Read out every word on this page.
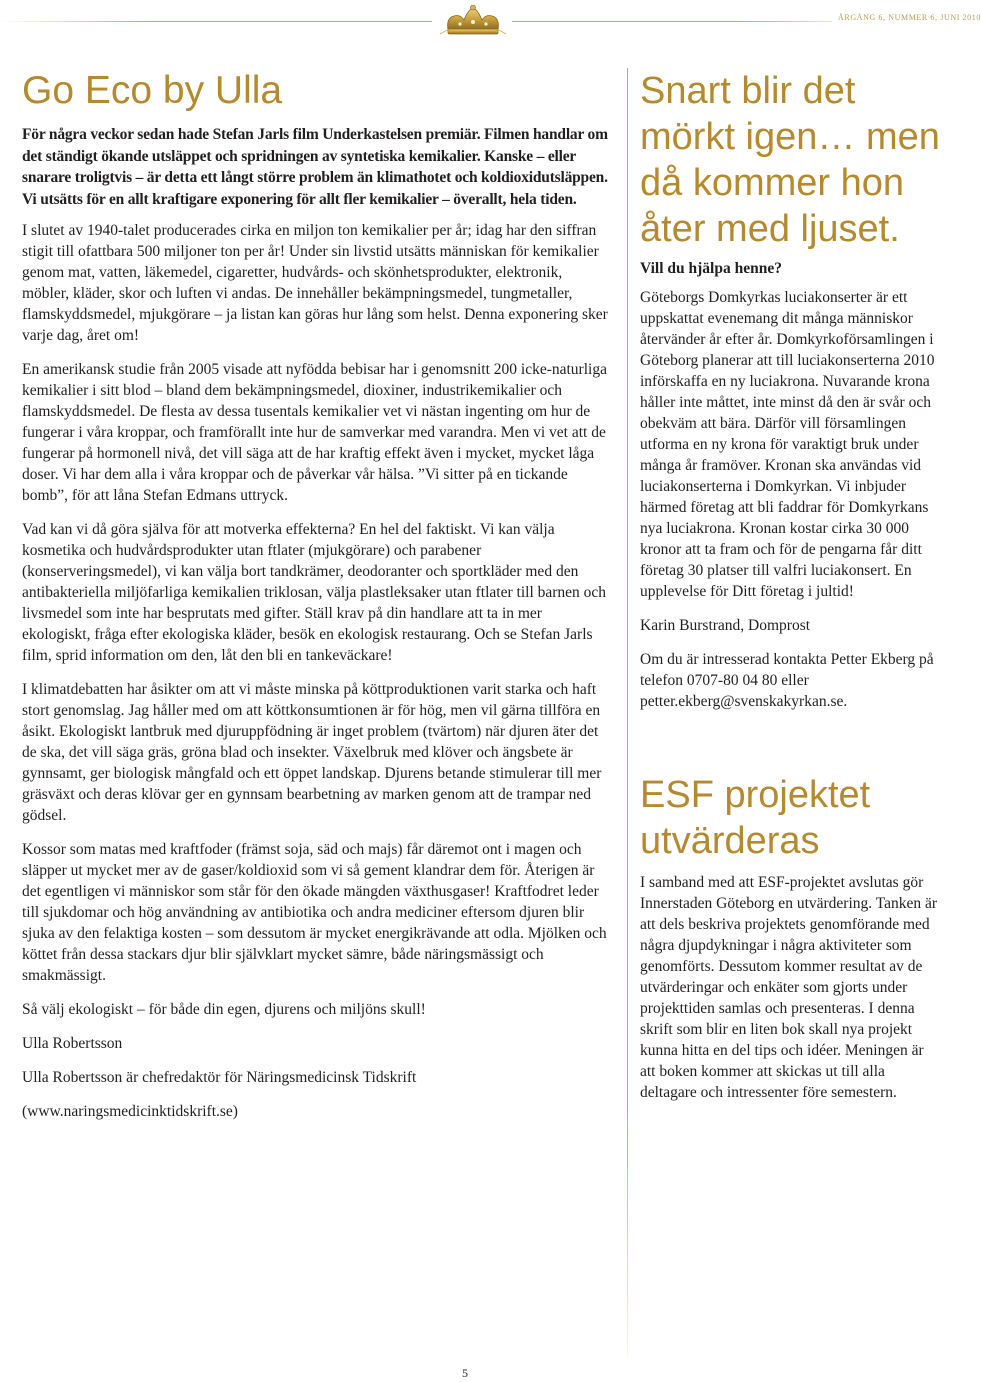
ÅRGÅNG 6, NUMMER 6, JUNI 2010
Go Eco by Ulla

För några veckor sedan hade Stefan Jarls film Underkastelsen premiär. Filmen handlar om det ständigt ökande utsläppet och spridningen av syntetiska kemikalier. Kanske – eller snarare troligtvis – är detta ett långt större problem än klimathotet och koldioxidutsläppen. Vi utsätts för en allt kraftigare exponering för allt fler kemikalier – överallt, hela tiden.

I slutet av 1940-talet producerades cirka en miljon ton kemikalier per år; idag har den siffran stigit till ofattbara 500 miljoner ton per år! Under sin livstid utsätts människan för kemikalier genom mat, vatten, läkemedel, cigaretter, hudvårds- och skönhetsprodukter, elektronik, möbler, kläder, skor och luften vi andas. De innehåller bekämpningsmedel, tungmetaller, flamskyddsmedel, mjukgörare – ja listan kan göras hur lång som helst. Denna exponering sker varje dag, året om!

En amerikansk studie från 2005 visade att nyfödda bebisar har i genomsnitt 200 icke-naturliga kemikalier i sitt blod – bland dem bekämpningsmedel, dioxiner, industrikemikalier och flamskyddsmedel. De flesta av dessa tusentals kemikalier vet vi nästan ingenting om hur de fungerar i våra kroppar, och framförallt inte hur de samverkar med varandra. Men vi vet att de fungerar på hormonell nivå, det vill säga att de har kraftig effekt även i mycket, mycket låga doser. Vi har dem alla i våra kroppar och de påverkar vår hälsa. ”Vi sitter på en tickande bomb”, för att låna Stefan Edmans uttryck.

Vad kan vi då göra själva för att motverka effekterna? En hel del faktiskt. Vi kan välja kosmetika och hudvårdsprodukter utan ftlater (mjukgörare) och parabener (konserveringsmedel), vi kan välja bort tandkrämer, deodoranter och sportkläder med den antibakteriella miljöfarliga kemikalien triklosan, välja plastleksaker utan ftlater till barnen och livsmedel som inte har besprutats med gifter. Ställ krav på din handlare att ta in mer ekologiskt, fråga efter ekologiska kläder, besök en ekologisk restaurang. Och se Stefan Jarls film, sprid information om den, låt den bli en tankeväckare!

I klimatdebatten har åsikter om att vi måste minska på köttproduktionen varit starka och haft stort genomslag. Jag håller med om att köttkonsumtionen är för hög, men vil gärna tillföra en åsikt. Ekologiskt lantbruk med djuruppfödning är inget problem (tvärtom) när djuren äter det de ska, det vill säga gräs, gröna blad och insekter. Växelbruk med klöver och ängsbete är gynnsamt, ger biologisk mångfald och ett öppet landskap. Djurens betande stimulerar till mer gräsväxt och deras klövar ger en gynnsam bearbetning av marken genom att de trampar ned gödsel.

Kossor som matas med kraftfoder (främst soja, säd och majs) får däremot ont i magen och släpper ut mycket mer av de gaser/koldioxid som vi så gement klandrar dem för. Återigen är det egentligen vi människor som står för den ökade mängden växthusgaser! Kraftfodret leder till sjukdomar och hög användning av antibiotika och andra mediciner eftersom djuren blir sjuka av den felaktiga kosten – som dessutom är mycket energikrävande att odla. Mjölken och köttet från dessa stackars djur blir självklart mycket sämre, både näringsmässigt och smakmässigt.

Så välj ekologiskt – för både din egen, djurens och miljöns skull!

Ulla Robertsson

Ulla Robertsson är chefredaktör för Näringsmedicinsk Tidskrift

(www.naringsmedicinktidskrift.se)

Snart blir det mörkt igen… men då kommer hon åter med ljuset.

Vill du hjälpa henne?

Göteborgs Domkyrkas luciakonserter är ett uppskattat evenemang dit många människor återvänder år efter år. Domkyrkoförsamlingen i Göteborg planerar att till luciakonserterna 2010 införskaffa en ny luciakrona. Nuvarande krona håller inte måttet, inte minst då den är svår och obekväm att bära. Därför vill församlingen utforma en ny krona för varaktigt bruk under många år framöver. Kronan ska användas vid luciakonserterna i Domkyrkan. Vi inbjuder härmed företag att bli faddrar för Domkyrkans nya luciakrona. Kronan kostar cirka 30 000 kronor att ta fram och för de pengarna får ditt företag 30 platser till valfri luciakonsert. En upplevelse för Ditt företag i jultid!

Karin Burstrand, Domprost

Om du är intresserad kontakta Petter Ekberg på telefon 0707-80 04 80 eller petter.ekberg@svenskakyrkan.se.

ESF projektet utvärderas

I samband med att ESF-projektet avslutas gör Innerstaden Göteborg en utvärdering. Tanken är att dels beskriva projektets genomförande med några djupdykningar i några aktiviteter som genomförts. Dessutom kommer resultat av de utvärderingar och enkäter som gjorts under projekttiden samlas och presenteras. I denna skrift som blir en liten bok skall nya projekt kunna hitta en del tips och idéer. Meningen är att boken kommer att skickas ut till alla deltagare och intressenter före semestern.

5
